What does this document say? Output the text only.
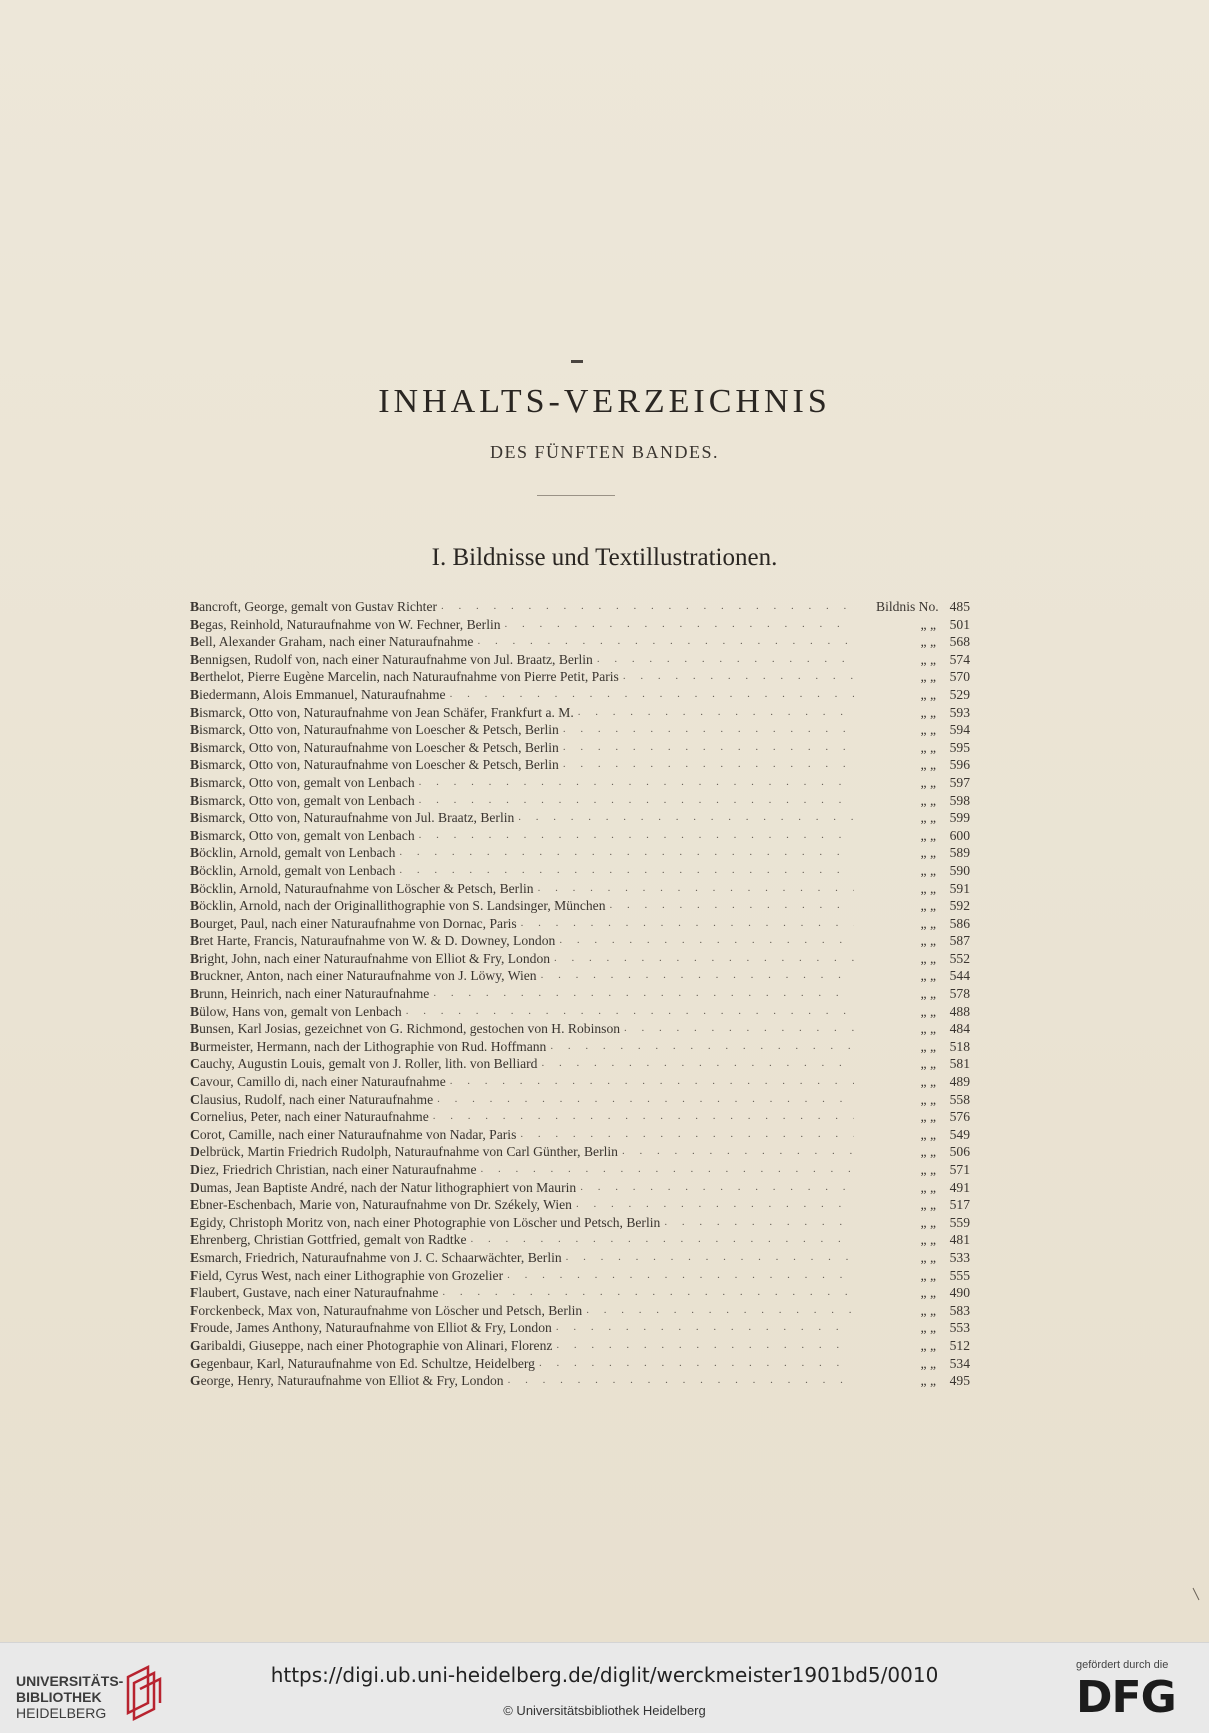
INHALTS-VERZEICHNIS
DES FÜNFTEN BANDES.
I. Bildnisse und Textillustrationen.
Bancroft, George, gemalt von Gustav Richter . . .	Bildnis No. 485
Begas, Reinhold, Naturaufnahme von W. Fechner, Berlin . . .	„ „	501
Bell, Alexander Graham, nach einer Naturaufnahme . . .	„ „	568
Bennigsen, Rudolf von, nach einer Naturaufnahme von Jul. Braatz, Berlin . . .	„ „	574
Berthelot, Pierre Eugène Marcelin, nach Naturaufnahme von Pierre Petit, Paris . . .	„ „	570
Biedermann, Alois Emmanuel, Naturaufnahme . . .	„ „	529
Bismarck, Otto von, Naturaufnahme von Jean Schäfer, Frankfurt a. M. . . .	„ „	593
Bismarck, Otto von, Naturaufnahme von Loescher & Petsch, Berlin . . .	„ „	594
Bismarck, Otto von, Naturaufnahme von Loescher & Petsch, Berlin . . .	„ „	595
Bismarck, Otto von, Naturaufnahme von Loescher & Petsch, Berlin . . .	„ „	596
Bismarck, Otto von, gemalt von Lenbach . . .	„ „	597
Bismarck, Otto von, gemalt von Lenbach . . .	„ „	598
Bismarck, Otto von, Naturaufnahme von Jul. Braatz, Berlin . . .	„ „	599
Bismarck, Otto von, gemalt von Lenbach . . .	„ „	600
Böcklin, Arnold, gemalt von Lenbach . . .	„ „	589
Böcklin, Arnold, gemalt von Lenbach . . .	„ „	590
Böcklin, Arnold, Naturaufnahme von Löscher & Petsch, Berlin . . .	„ „	591
Böcklin, Arnold, nach der Originallithographie von S. Landsinger, München . . .	„ „	592
Bourget, Paul, nach einer Naturaufnahme von Dornac, Paris . . .	„ „	586
Bret Harte, Francis, Naturaufnahme von W. & D. Downey, London . . .	„ „	587
Bright, John, nach einer Naturaufnahme von Elliot & Fry, London . . .	„ „	552
Bruckner, Anton, nach einer Naturaufnahme von J. Löwy, Wien . . .	„ „	544
Brunn, Heinrich, nach einer Naturaufnahme . . .	„ „	578
Bülow, Hans von, gemalt von Lenbach . . .	„ „	488
Bunsen, Karl Josias, gezeichnet von G. Richmond, gestochen von H. Robinson . . .	„ „	484
Burmeister, Hermann, nach der Lithographie von Rud. Hoffmann . . .	„ „	518
Cauchy, Augustin Louis, gemalt von J. Roller, lith. von Belliard . . .	„ „	581
Cavour, Camillo di, nach einer Naturaufnahme . . .	„ „	489
Clausius, Rudolf, nach einer Naturaufnahme . . .	„ „	558
Cornelius, Peter, nach einer Naturaufnahme . . .	„ „	576
Corot, Camille, nach einer Naturaufnahme von Nadar, Paris . . .	„ „	549
Delbrück, Martin Friedrich Rudolph, Naturaufnahme von Carl Günther, Berlin . . .	„ „	506
Diez, Friedrich Christian, nach einer Naturaufnahme . . .	„ „	571
Dumas, Jean Baptiste André, nach der Natur lithographiert von Maurin . . .	„ „	491
Ebner-Eschenbach, Marie von, Naturaufnahme von Dr. Székely, Wien . . .	„ „	517
Egidy, Christoph Moritz von, nach einer Photographie von Löscher und Petsch, Berlin . . .	„ „	559
Ehrenberg, Christian Gottfried, gemalt von Radtke . . .	„ „	481
Esmarch, Friedrich, Naturaufnahme von J. C. Schaarwächter, Berlin . . .	„ „	533
Field, Cyrus West, nach einer Lithographie von Grozelier . . .	„ „	555
Flaubert, Gustave, nach einer Naturaufnahme . . .	„ „	490
Forckenbeck, Max von, Naturaufnahme von Löscher und Petsch, Berlin . . .	„ „	583
Froude, James Anthony, Naturaufnahme von Elliot & Fry, London . . .	„ „	553
Garibaldi, Giuseppe, nach einer Photographie von Alinari, Florenz . . .	„ „	512
Gegenbaur, Karl, Naturaufnahme von Ed. Schultze, Heidelberg . . .	„ „	534
George, Henry, Naturaufnahme von Elliot & Fry, London . . .	„ „	495
UNIVERSITÄTS-
BIBLIOTHEK
HEIDELBERG
https://digi.ub.uni-heidelberg.de/diglit/werckmeister1901bd5/0010
© Universitätsbibliothek Heidelberg
gefördert durch die
DFG
